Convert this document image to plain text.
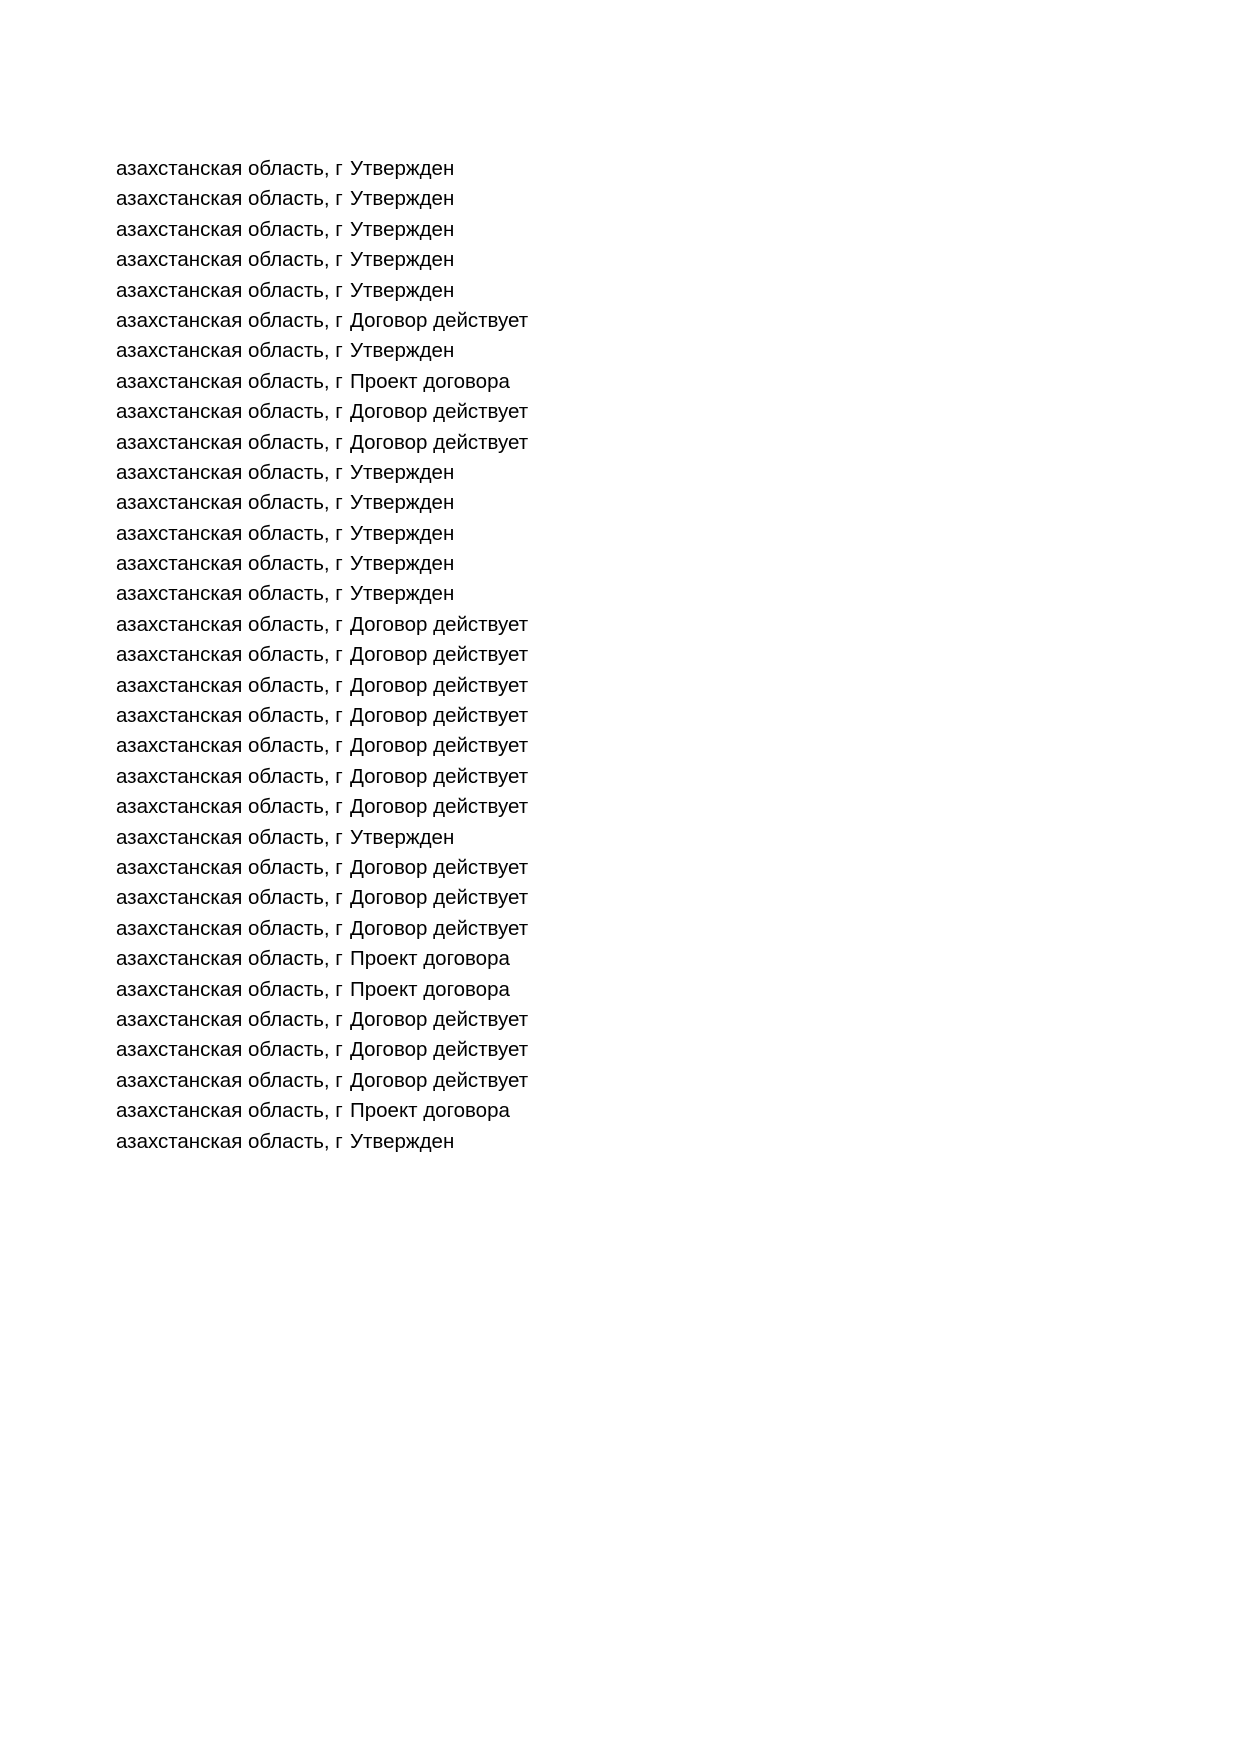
азахстанская область, г Утвержден
азахстанская область, г Утвержден
азахстанская область, г Утвержден
азахстанская область, г Утвержден
азахстанская область, г Утвержден
азахстанская область, г Договор действует
азахстанская область, г Утвержден
азахстанская область, г Проект договора
азахстанская область, г Договор действует
азахстанская область, г Договор действует
азахстанская область, г Утвержден
азахстанская область, г Утвержден
азахстанская область, г Утвержден
азахстанская область, г Утвержден
азахстанская область, г Утвержден
азахстанская область, г Договор действует
азахстанская область, г Договор действует
азахстанская область, г Договор действует
азахстанская область, г Договор действует
азахстанская область, г Договор действует
азахстанская область, г Договор действует
азахстанская область, г Договор действует
азахстанская область, г Утвержден
азахстанская область, г Договор действует
азахстанская область, г Договор действует
азахстанская область, г Договор действует
азахстанская область, г Проект договора
азахстанская область, г Проект договора
азахстанская область, г Договор действует
азахстанская область, г Договор действует
азахстанская область, г Договор действует
азахстанская область, г Проект договора
азахстанская область, г Утвержден
